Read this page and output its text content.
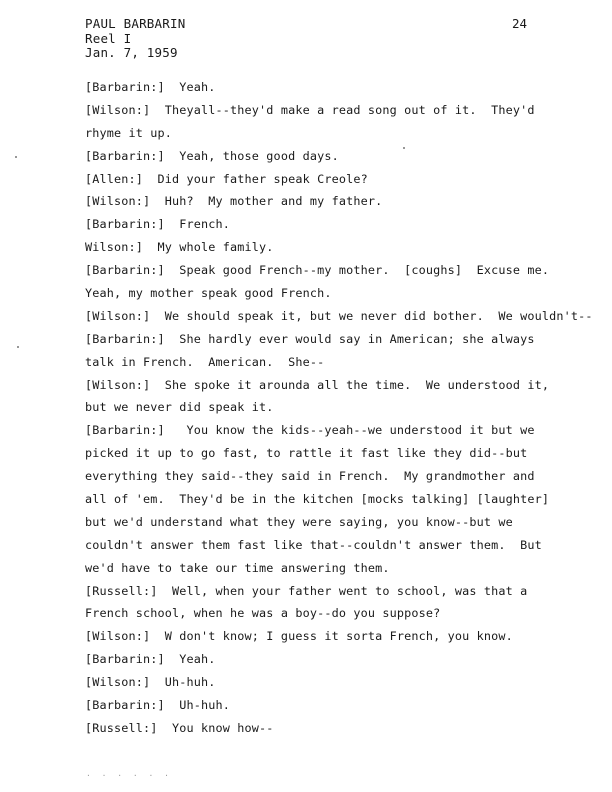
PAUL BARBARIN
Reel I
Jan. 7, 1959
24
[Barbarin:]  Yeah.
[Wilson:]  Theyall--they'd make a read song out of it.  They'd
rhyme it up.
[Barbarin:]  Yeah, those good days.
[Allen:]  Did your father speak Creole?
[Wilson:]  Huh?  My mother and my father.
[Barbarin:]  French.
Wilson:]  My whole family.
[Barbarin:]  Speak good French--my mother.  [coughs]  Excuse me.
Yeah, my mother speak good French.
[Wilson:]  We should speak it, but we never did bother.  We wouldn't--
[Barbarin:]  She hardly ever would say in American; she always
talk in French.  American.  She--
[Wilson:]  She spoke it arounda all the time.  We understood it,
but we never did speak it.
[Barbarin:]   You know the kids--yeah--we understood it but we
picked it up to go fast, to rattle it fast like they did--but
everything they said--they said in French.  My grandmother and
all of 'em.  They'd be in the kitchen [mocks talking] [laughter]
but we'd understand what they were saying, you know--but we
couldn't answer them fast like that--couldn't answer them.  But
we'd have to take our time answering them.
[Russell:]  Well, when your father went to school, was that a
French school, when he was a boy--do you suppose?
[Wilson:]  W don't know; I guess it sorta French, you know.
[Barbarin:]  Yeah.
[Wilson:]  Uh-huh.
[Barbarin:]  Uh-huh.
[Russell:]  You know how--
· · · · · ·
